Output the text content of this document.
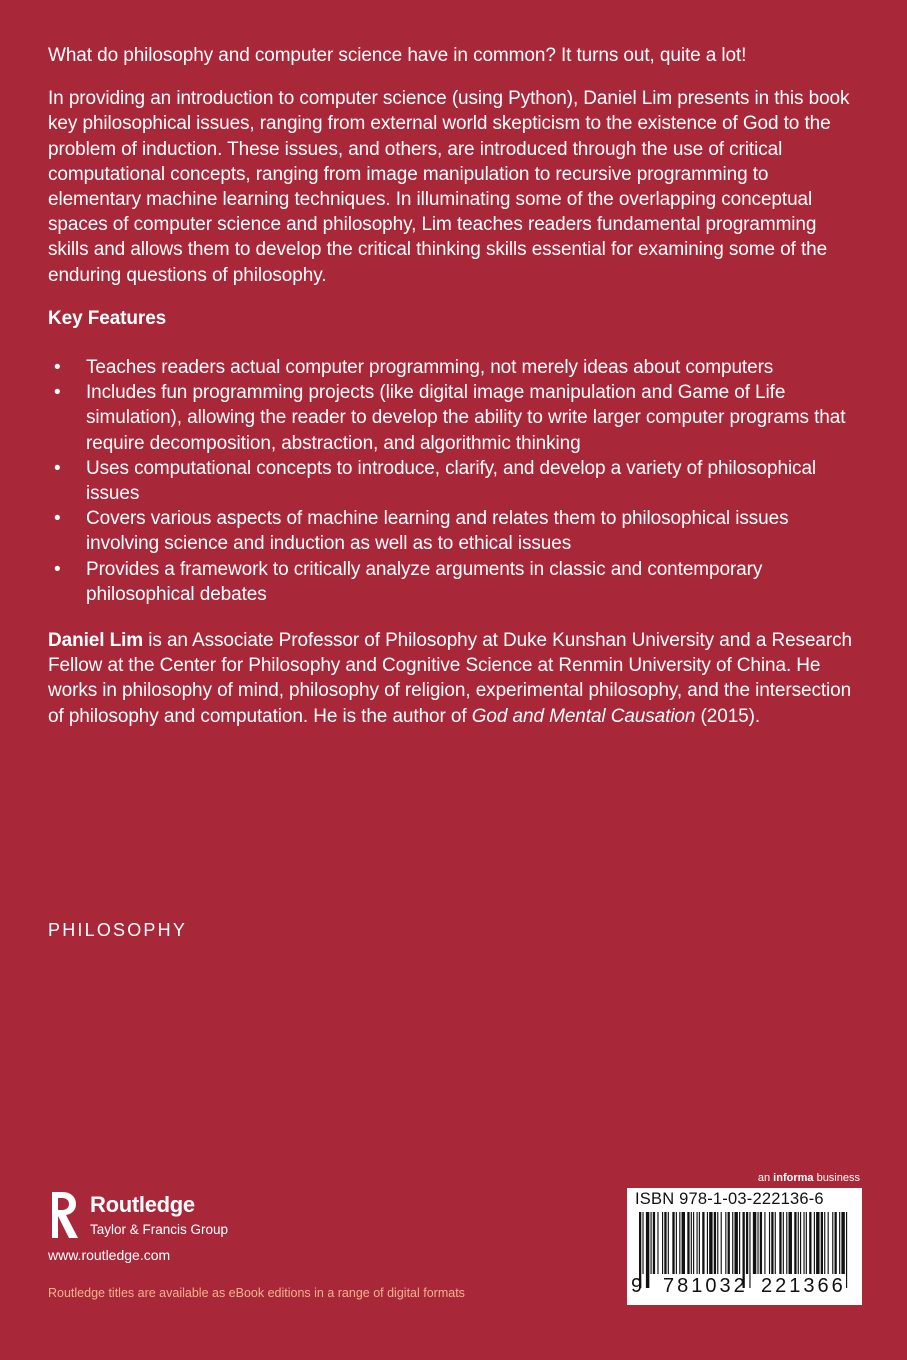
What do philosophy and computer science have in common? It turns out, quite a lot!

In providing an introduction to computer science (using Python), Daniel Lim presents in this book key philosophical issues, ranging from external world skepticism to the existence of God to the problem of induction. These issues, and others, are introduced through the use of critical computational concepts, ranging from image manipulation to recursive programming to elementary machine learning techniques. In illuminating some of the overlapping conceptual spaces of computer science and philosophy, Lim teaches readers fundamental programming skills and allows them to develop the critical thinking skills essential for examining some of the enduring questions of philosophy.

Key Features

• Teaches readers actual computer programming, not merely ideas about computers
• Includes fun programming projects (like digital image manipulation and Game of Life simulation), allowing the reader to develop the ability to write larger computer programs that require decomposition, abstraction, and algorithmic thinking
• Uses computational concepts to introduce, clarify, and develop a variety of philosophical issues
• Covers various aspects of machine learning and relates them to philosophical issues involving science and induction as well as to ethical issues
• Provides a framework to critically analyze arguments in classic and contemporary philosophical debates

Daniel Lim is an Associate Professor of Philosophy at Duke Kunshan University and a Research Fellow at the Center for Philosophy and Cognitive Science at Renmin University of China. He works in philosophy of mind, philosophy of religion, experimental philosophy, and the intersection of philosophy and computation. He is the author of God and Mental Causation (2015).

PHILOSOPHY
Routledge
Taylor & Francis Group
www.routledge.com
Routledge titles are available as eBook editions in a range of digital formats
an informa business
ISBN 978-1-03-222136-6
9 781032 221366
